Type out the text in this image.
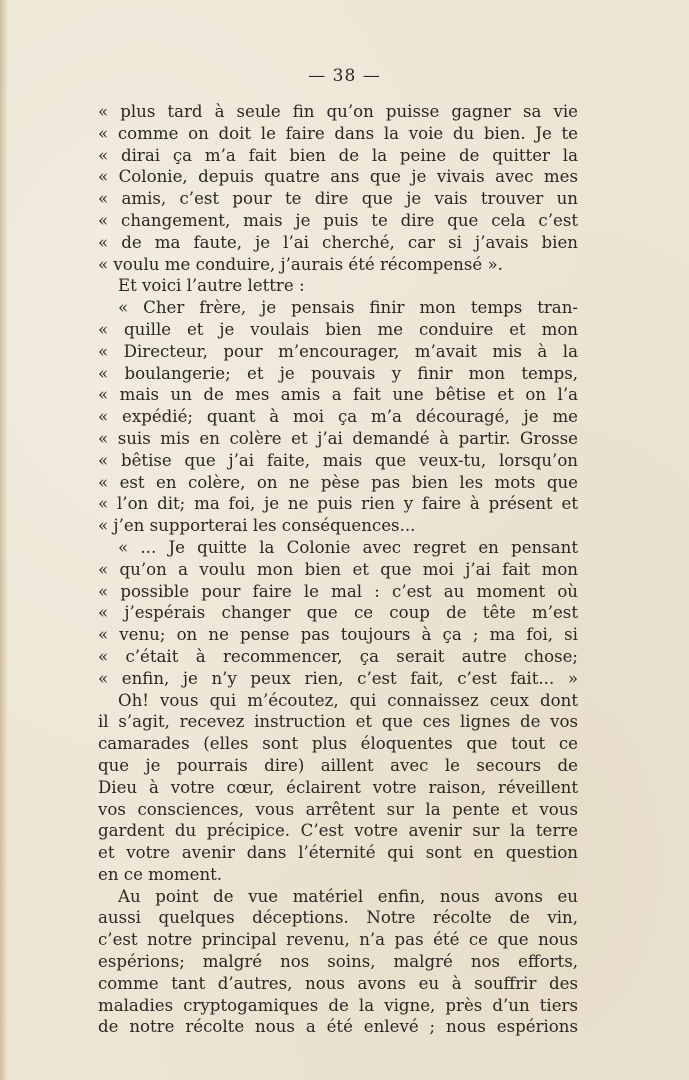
— 38 —
« plus tard à seule fin qu’on puisse gagner sa vie
« comme on doit le faire dans la voie du bien. Je te
« dirai ça m’a fait bien de la peine de quitter la
« Colonie, depuis quatre ans que je vivais avec mes
« amis, c’est pour te dire que je vais trouver un
« changement, mais je puis te dire que cela c’est
« de ma faute, je l’ai cherché, car si j’avais bien
« voulu me conduire, j’aurais été récompensé ».
Et voici l’autre lettre :
« Cher frère, je pensais finir mon temps tran-
« quille et je voulais bien me conduire et mon
« Directeur, pour m’encourager, m’avait mis à la
« boulangerie; et je pouvais y finir mon temps,
« mais un de mes amis a fait une bêtise et on l’a
« expédié; quant à moi ça m’a découragé, je me
« suis mis en colère et j’ai demandé à partir. Grosse
« bêtise que j’ai faite, mais que veux-tu, lorsqu’on
« est en colère, on ne pèse pas bien les mots que
« l’on dit; ma foi, je ne puis rien y faire à présent et
« j’en supporterai les conséquences...
« ... Je quitte la Colonie avec regret en pensant
« qu’on a voulu mon bien et que moi j’ai fait mon
« possible pour faire le mal : c’est au moment où
« j’espérais changer que ce coup de tête m’est
« venu; on ne pense pas toujours à ça ; ma foi, si
« c’était à recommencer, ça serait autre chose;
« enfin, je n’y peux rien, c’est fait, c’est fait... »
Oh! vous qui m’écoutez, qui connaissez ceux dont
il s’agit, recevez instruction et que ces lignes de vos
camarades (elles sont plus éloquentes que tout ce
que je pourrais dire) aillent avec le secours de
Dieu à votre cœur, éclairent votre raison, réveillent
vos consciences, vous arrêtent sur la pente et vous
gardent du précipice. C’est votre avenir sur la terre
et votre avenir dans l’éternité qui sont en question
en ce moment.
Au point de vue matériel enfin, nous avons eu
aussi quelques déceptions. Notre récolte de vin,
c’est notre principal revenu, n’a pas été ce que nous
espérions; malgré nos soins, malgré nos efforts,
comme tant d’autres, nous avons eu à souffrir des
maladies cryptogamiques de la vigne, près d’un tiers
de notre récolte nous a été enlevé ; nous espérions
